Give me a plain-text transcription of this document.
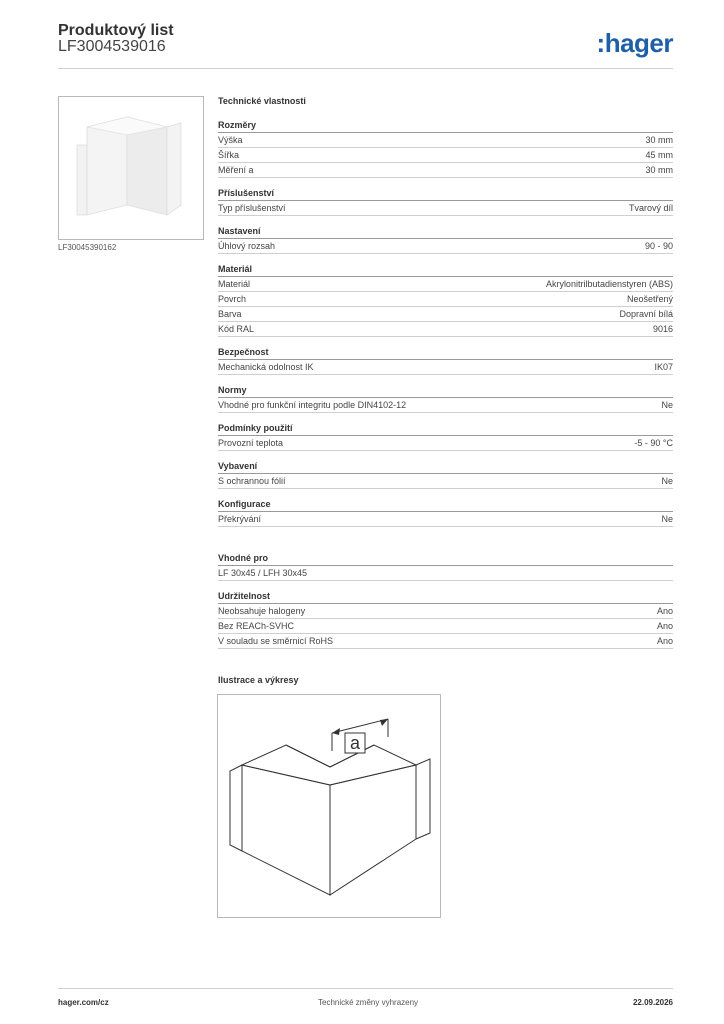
Produktový list
LF3004539016	:hager
LF30045390162
Technické vlastnosti
Rozměry
Výška	30 mm
Šířka	45 mm
Měření a	30 mm
Příslušenství
Typ příslušenství	Tvarový díl
Nastavení
Úhlový rozsah	90 - 90
Materiál
Materiál	Akrylonitrilbutadienstyren (ABS)
Povrch	Neošetřený
Barva	Dopravní bílá
Kód RAL	9016
Bezpečnost
Mechanická odolnost IK	IK07
Normy
Vhodné pro funkční integritu podle DIN4102-12	Ne
Podmínky použití
Provozní teplota	-5 - 90 °C
Vybavení
S ochrannou fólií	Ne
Konfigurace
Překrývání	Ne
Vhodné pro
LF 30x45 / LFH 30x45
Udržitelnost
Neobsahuje halogeny	Ano
Bez REACh-SVHC	Ano
V souladu se směrnicí RoHS	Ano
Ilustrace a výkresy
a
hager.com/cz	Technické změny vyhrazeny	22.09.2026
